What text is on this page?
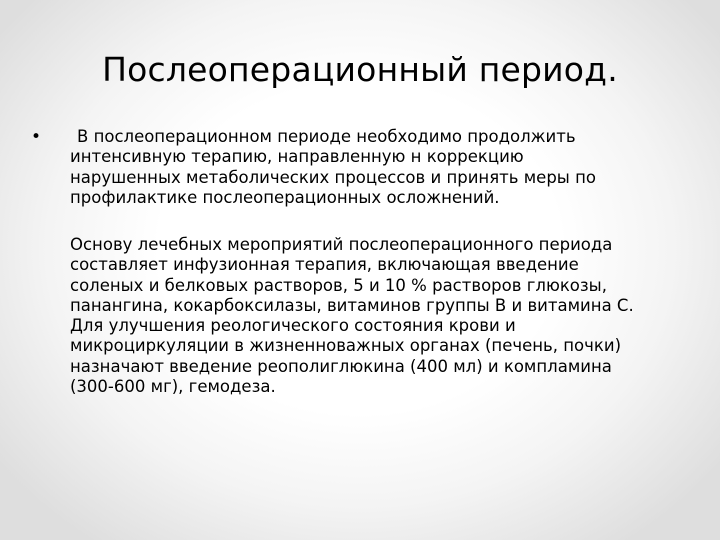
Послеоперационный период.
•	В послеоперационном периоде необходимо продолжить
интенсивную терапию, направленную н коррекцию
нарушенных метаболических процессов и принять меры по
профилактике послеоперационных осложнений.

Основу лечебных мероприятий послеоперационного периода
составляет инфузионная терапия, включающая введение
соленых и белковых растворов, 5 и 10 % растворов глюкозы,
панангина, кокарбоксилазы, витаминов группы В и витамина С.
Для улучшения реологического состояния крови и
микроциркуляции в жизненноважных органах (печень, почки)
назначают введение реополиглюкина (400 мл) и компламина
(300-600 мг), гемодеза.
